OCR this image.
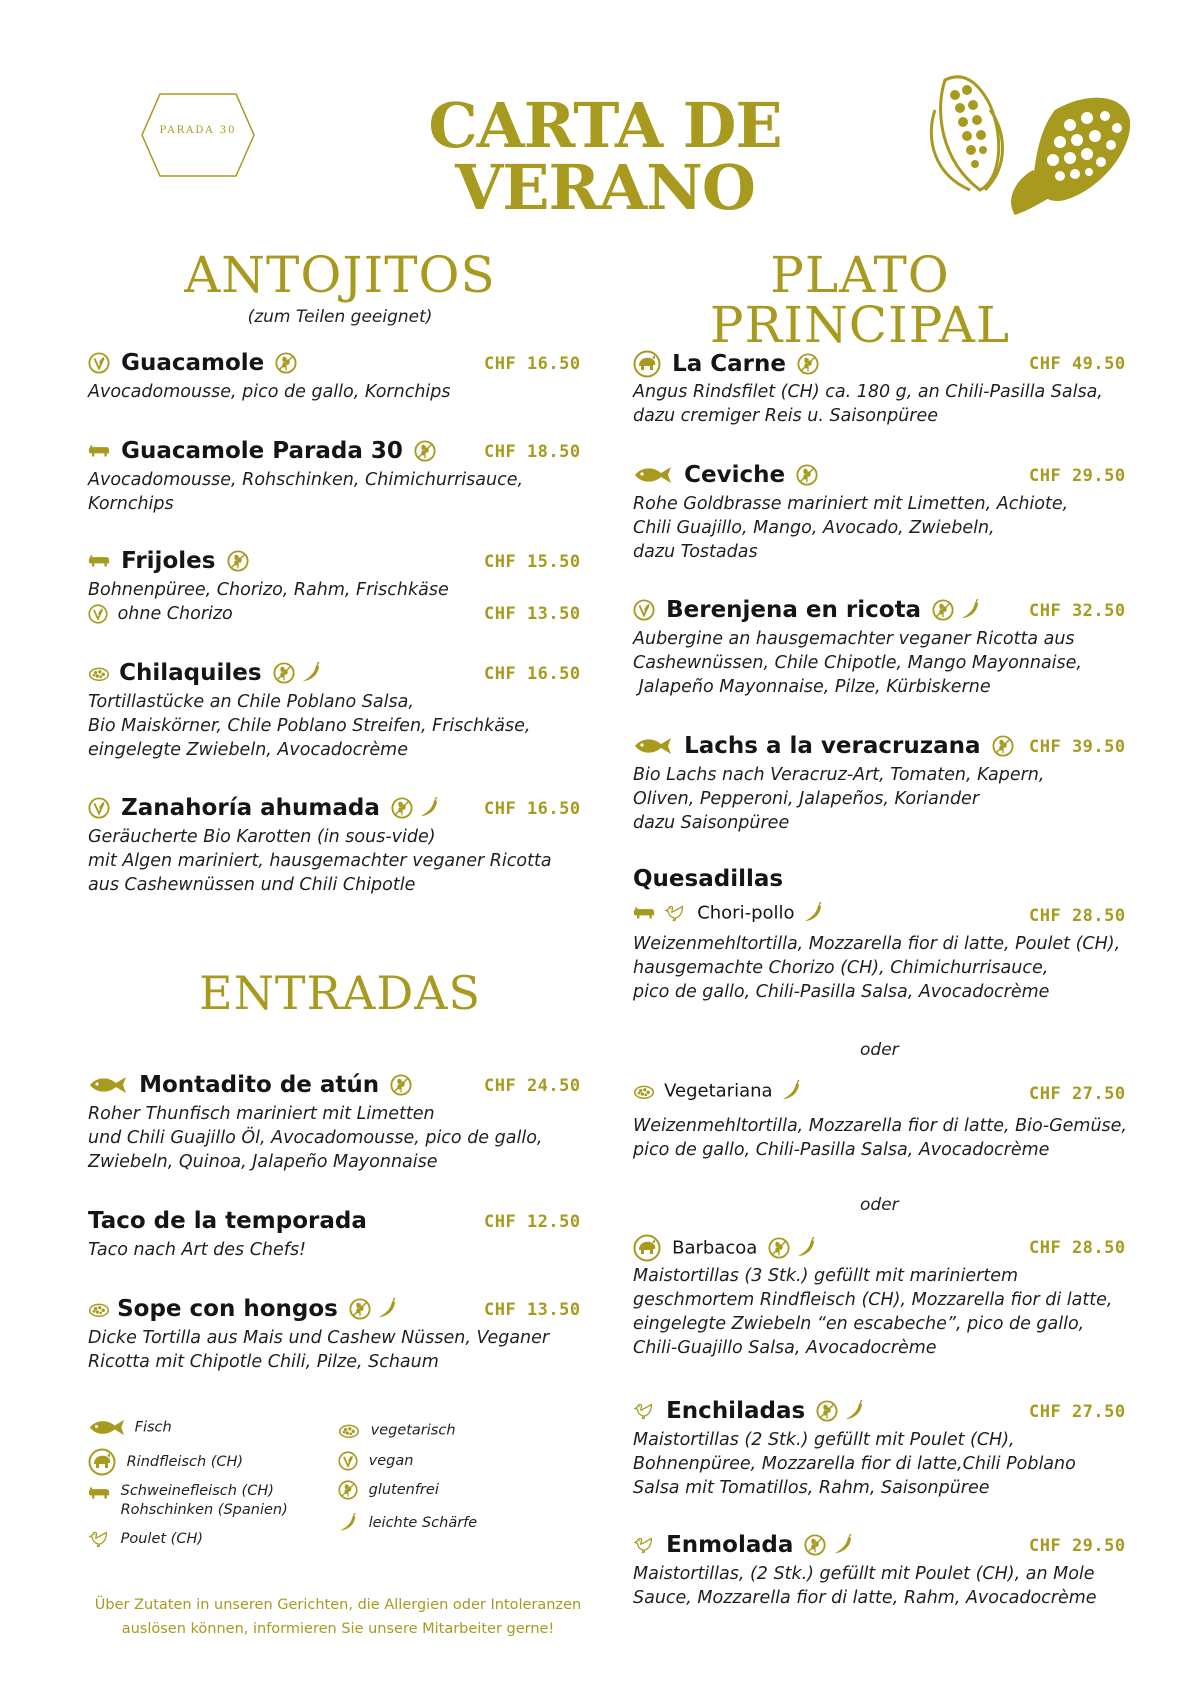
PARADA 30	CARTA DE VERANO
ANTOJITOS
(zum Teilen geeignet)
Guacamole	CHF 16.50
Avocadomousse, pico de gallo, Kornchips
Guacamole Parada 30	CHF 18.50
Avocadomousse, Rohschinken, Chimichurrisauce,
Kornchips
Frijoles	CHF 15.50
Bohnenpüree, Chorizo, Rahm, Frischkäse
ohne Chorizo	CHF 13.50
Chilaquiles
	CHF 16.50
Tortillastücke an Chile Poblano Salsa,
Bio Maiskörner, Chile Poblano Streifen, Frischkäse,
eingelegte Zwiebeln, Avocadocrème
Zanahoría ahumada
	CHF 16.50
Geräucherte Bio Karotten (in sous-vide)
mit Algen mariniert, hausgemachter veganer Ricotta
aus Cashewnüssen und Chili Chipotle
ENTRADAS
Montadito de atún	CHF 24.50
Roher Thunfisch mariniert mit Limetten
und Chili Guajillo Öl, Avocadomousse, pico de gallo,
Zwiebeln, Quinoa, Jalapeño Mayonnaise
Taco de la temporada	CHF 12.50
Taco nach Art des Chefs!
Sope con hongos
	CHF 13.50
Dicke Tortilla aus Mais und Cashew Nüssen, Veganer
Ricotta mit Chipotle Chili, Pilze, Schaum
Fisch
Rindfleisch (CH)
Schweinefleisch (CH)
Rohschinken (Spanien)
Poulet (CH)
vegetarisch
vegan
glutenfrei
leichte Schärfe
Über Zutaten in unseren Gerichten, die Allergien oder Intoleranzen
auslösen können, informieren Sie unsere Mitarbeiter gerne!
PLATO PRINCIPAL
La Carne	CHF 49.50
Angus Rindsfilet (CH) ca. 180 g, an Chili-Pasilla Salsa,
dazu cremiger Reis u. Saisonpüree
Ceviche	CHF 29.50
Rohe Goldbrasse mariniert mit Limetten, Achiote,
Chili Guajillo, Mango, Avocado, Zwiebeln,
dazu Tostadas
Berenjena en ricota
	CHF 32.50
Aubergine an hausgemachter veganer Ricotta aus
Cashewnüssen, Chile Chipotle, Mango Mayonnaise,
Jalapeño Mayonnaise, Pilze, Kürbiskerne
Lachs a la veracruzana	CHF 39.50
Bio Lachs nach Veracruz-Art, Tomaten, Kapern,
Oliven, Pepperoni, Jalapeños, Koriander
dazu Saisonpüree
Quesadillas

Chori-pollo	CHF 28.50
Weizenmehltortilla, Mozzarella fior di latte, Poulet (CH),
hausgemachte Chorizo (CH), Chimichurrisauce,
pico de gallo, Chili-Pasilla Salsa, Avocadocrème
oder
Vegetariana	CHF 27.50
Weizenmehltortilla, Mozzarella fior di latte, Bio-Gemüse,
pico de gallo, Chili-Pasilla Salsa, Avocadocrème
oder
Barbacoa
	CHF 28.50
Maistortillas (3 Stk.) gefüllt mit mariniertem
geschmortem Rindfleisch (CH), Mozzarella fior di latte,
eingelegte Zwiebeln “en escabeche”, pico de gallo,
Chili-Guajillo Salsa, Avocadocrème
Enchiladas
	CHF 27.50
Maistortillas (2 Stk.) gefüllt mit Poulet (CH),
Bohnenpüree, Mozzarella fior di latte,Chili Poblano
Salsa mit Tomatillos, Rahm, Saisonpüree
Enmolada
	CHF 29.50
Maistortillas, (2 Stk.) gefüllt mit Poulet (CH), an Mole
Sauce, Mozzarella fior di latte, Rahm, Avocadocrème
